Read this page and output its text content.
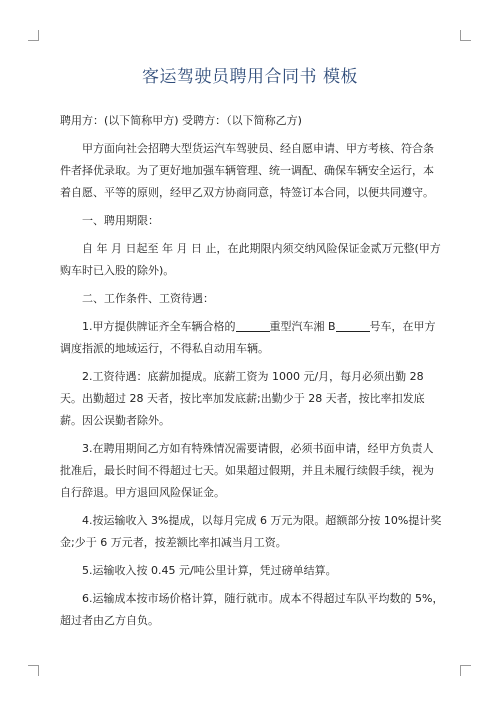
客运驾驶员聘用合同书 模板

聘用方：(以下简称甲方) 受聘方：（以下简称乙方)

甲方面向社会招聘大型货运汽车驾驶员、经自愿申请、甲方考核、符合条件者择优录取。为了更好地加强车辆管理、统一调配、确保车辆安全运行，本着自愿、平等的原则，经甲乙双方协商同意，特签订本合同，以便共同遵守。

一、聘用期限：

自 年 月 日起至 年 月 日 止，在此期限内须交纳风险保证金贰万元整(甲方购车时已入股的除外)。

二、工作条件、工资待遇：

1.甲方提供牌证齐全车辆合格的	重型汽车湘 B	号车，在甲方调度指派的地域运行，不得私自动用车辆。

2.工资待遇：底薪加提成。底薪工资为 1000 元/月，每月必须出勤 28 天。出勤超过 28 天者，按比率加发底薪;出勤少于 28 天者，按比率扣发底薪。因公误勤者除外。

3.在聘用期间乙方如有特殊情况需要请假，必须书面申请，经甲方负责人批准后，最长时间不得超过七天。如果超过假期，并且未履行续假手续，视为自行辞退。甲方退回风险保证金。

4.按运输收入 3%提成，以每月完成 6 万元为限。超额部分按 10%提计奖金;少于 6 万元者，按差额比率扣减当月工资。

5.运输收入按 0.45 元/吨公里计算，凭过磅单结算。

6.运输成本按市场价格计算，随行就市。成本不得超过车队平均数的 5%，超过者由乙方自负。
